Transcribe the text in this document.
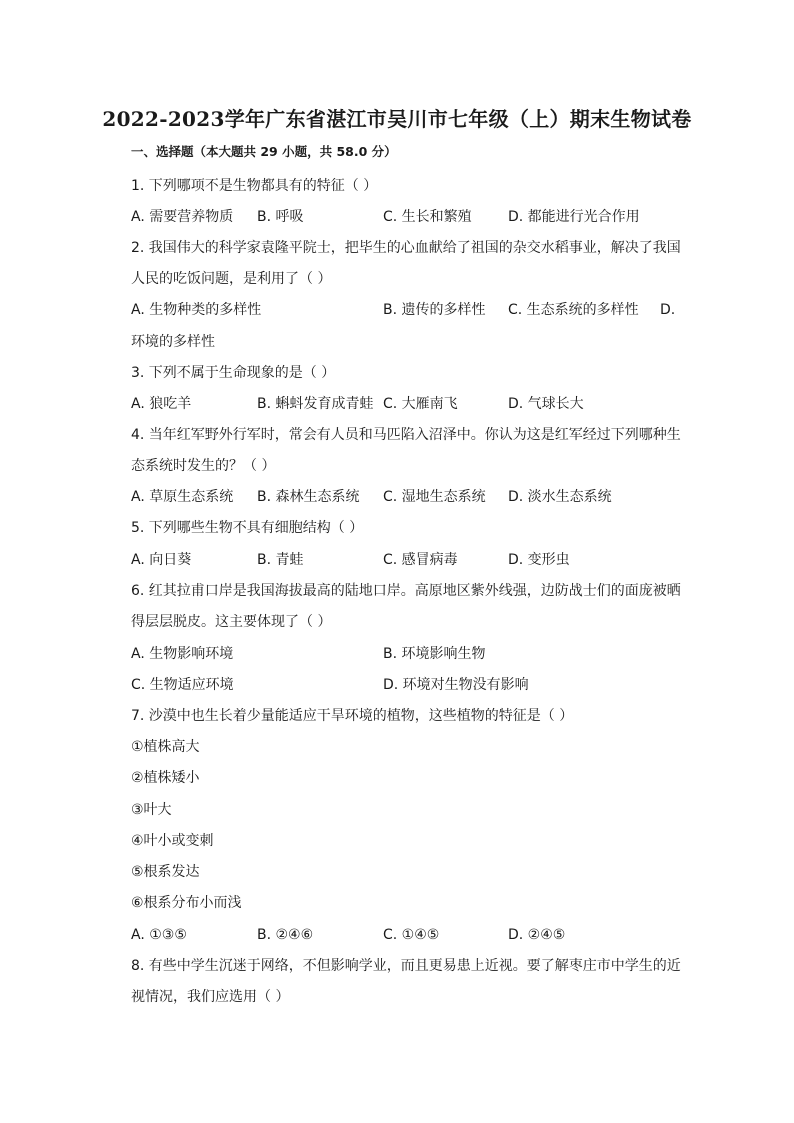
2022-2023学年广东省湛江市吴川市七年级（上）期末生物试卷
一、选择题（本大题共 29 小题，共 58.0 分）
1. 下列哪项不是生物都具有的特征（ ）
A. 需要营养物质 B. 呼吸	C. 生长和繁殖	D. 都能进行光合作用
2. 我国伟大的科学家袁隆平院士，把毕生的心血献给了祖国的杂交水稻事业，解决了我国
人民的吃饭问题，是利用了（ ）
A. 生物种类的多样性	B. 遗传的多样性 C. 生态系统的多样性 D.
环境的多样性
3. 下列不属于生命现象的是（ ）
A. 狼吃羊	B. 蝌蚪发育成青蛙 C. 大雁南飞	D. 气球长大
4. 当年红军野外行军时，常会有人员和马匹陷入沼泽中。你认为这是红军经过下列哪种生
态系统时发生的？（ ）
A. 草原生态系统 B. 森林生态系统 C. 湿地生态系统 D. 淡水生态系统
5. 下列哪些生物不具有细胞结构（ ）
A. 向日葵	B. 青蛙	C. 感冒病毒	D. 变形虫
6. 红其拉甫口岸是我国海拔最高的陆地口岸。高原地区紫外线强，边防战士们的面庞被晒
得层层脱皮。这主要体现了（ ）
A. 生物影响环境	B. 环境影响生物
C. 生物适应环境	D. 环境对生物没有影响
7. 沙漠中也生长着少量能适应干旱环境的植物，这些植物的特征是（ ）
①植株高大
②植株矮小
③叶大
④叶小或变刺
⑤根系发达
⑥根系分布小而浅
A. ①③⑤	B. ②④⑥	C. ①④⑤	D. ②④⑤
8. 有些中学生沉迷于网络，不但影响学业，而且更易患上近视。要了解枣庄市中学生的近
视情况，我们应选用（ ）
